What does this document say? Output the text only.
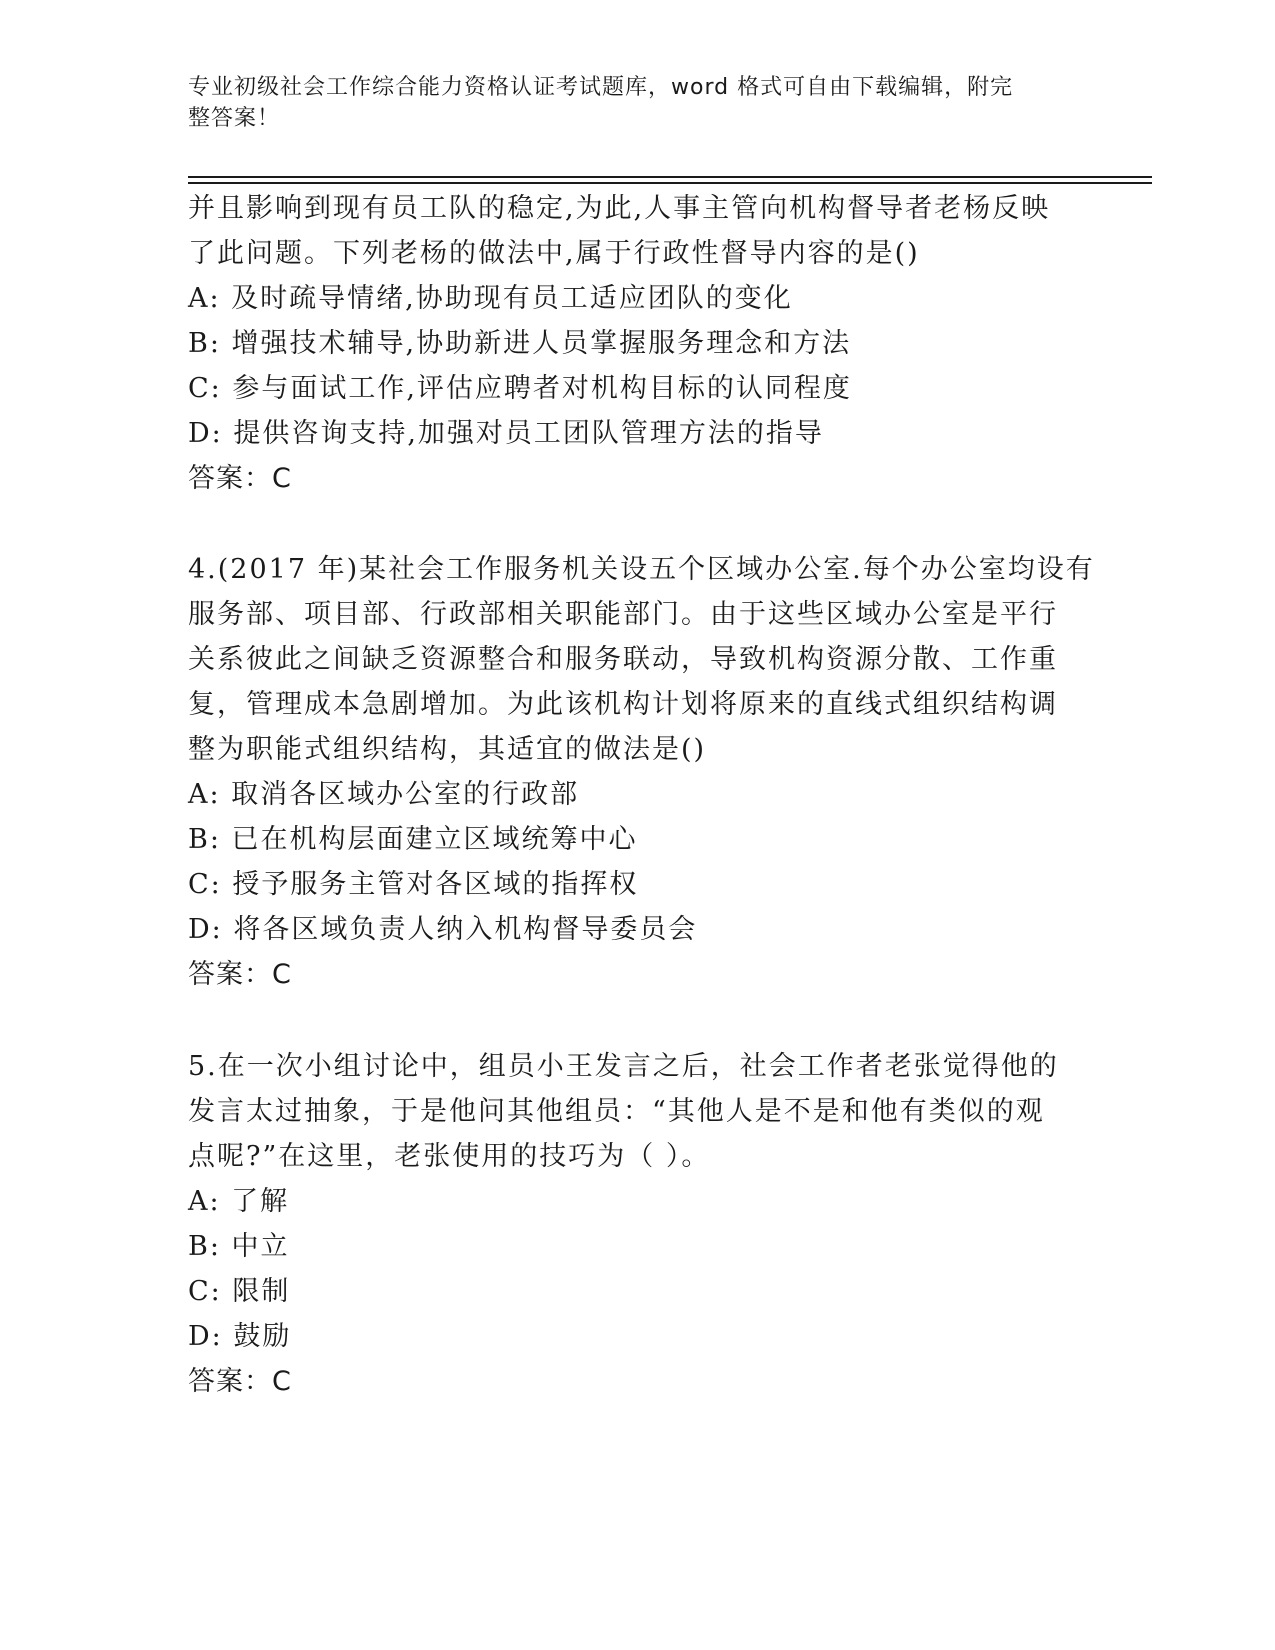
专业初级社会工作综合能力资格认证考试题库，word 格式可自由下载编辑，附完
整答案！
并且影响到现有员工队的稳定,为此,人事主管向机构督导者老杨反映
了此问题。下列老杨的做法中,属于行政性督导内容的是()
A: 及时疏导情绪,协助现有员工适应团队的变化
B: 增强技术辅导,协助新进人员掌握服务理念和方法
C: 参与面试工作,评估应聘者对机构目标的认同程度
D: 提供咨询支持,加强对员工团队管理方法的指导
答案：C
4.(2017 年)某社会工作服务机关设五个区域办公室.每个办公室均设有
服务部、项目部、行政部相关职能部门。由于这些区域办公室是平行
关系彼此之间缺乏资源整合和服务联动，导致机构资源分散、工作重
复，管理成本急剧增加。为此该机构计划将原来的直线式组织结构调
整为职能式组织结构，其适宜的做法是()
A: 取消各区域办公室的行政部
B: 已在机构层面建立区域统筹中心
C: 授予服务主管对各区域的指挥权
D: 将各区域负责人纳入机构督导委员会
答案：C
5.在一次小组讨论中，组员小王发言之后，社会工作者老张觉得他的
发言太过抽象，于是他问其他组员：“其他人是不是和他有类似的观
点呢?”在这里，老张使用的技巧为（ ）。
A: 了解
B: 中立
C: 限制
D: 鼓励
答案：C
